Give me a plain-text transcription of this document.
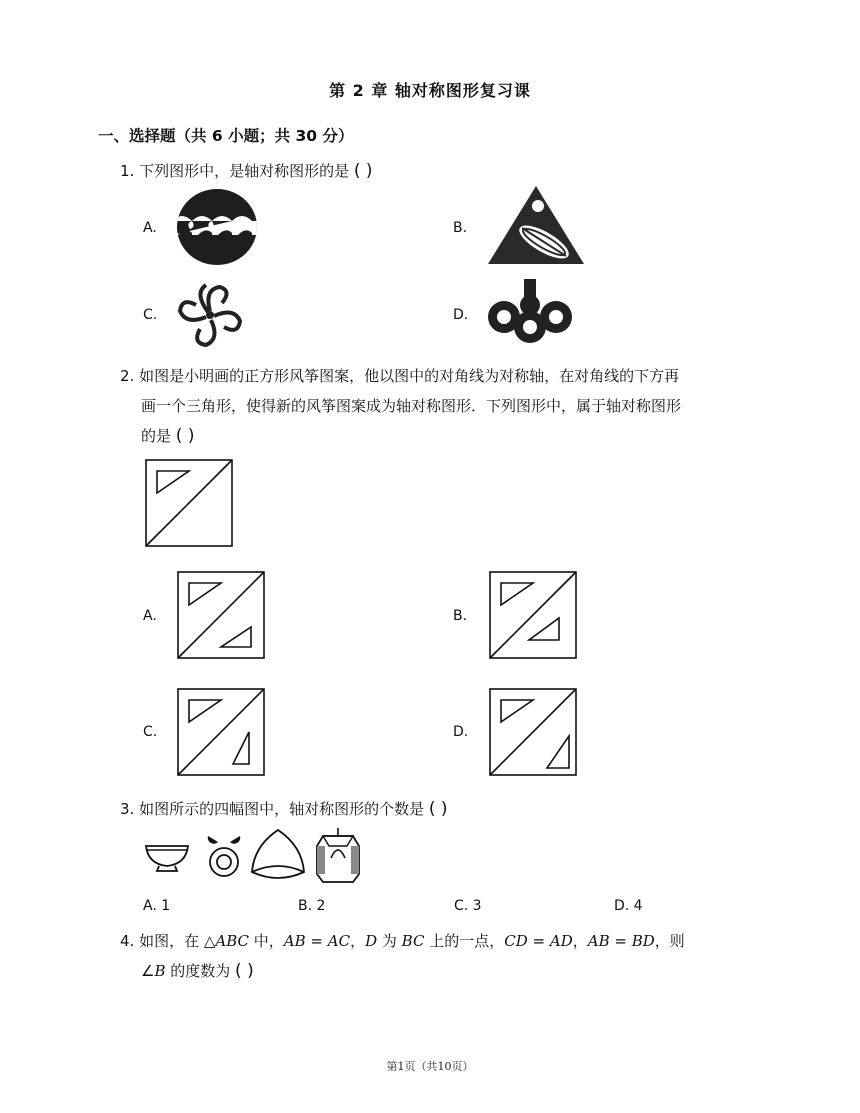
第 2 章 轴对称图形复习课
一、选择题（共 6 小题；共 30 分）
1. 下列图形中，是轴对称图形的是 ( )
A.	B.
C.	D.
2. 如图是小明画的正方形风筝图案，他以图中的对角线为对称轴，在对角线的下方再
画一个三角形，使得新的风筝图案成为轴对称图形．下列图形中，属于轴对称图形
的是 ( )
A.	B.
C.	D.
3. 如图所示的四幅图中，轴对称图形的个数是 ( )
A. 1	B. 2	C. 3	D. 4
4. 如图，在 △ABC 中，AB = AC，D 为 BC 上的一点，CD = AD，AB = BD，则
∠B 的度数为 ( )
第1页（共10页）
